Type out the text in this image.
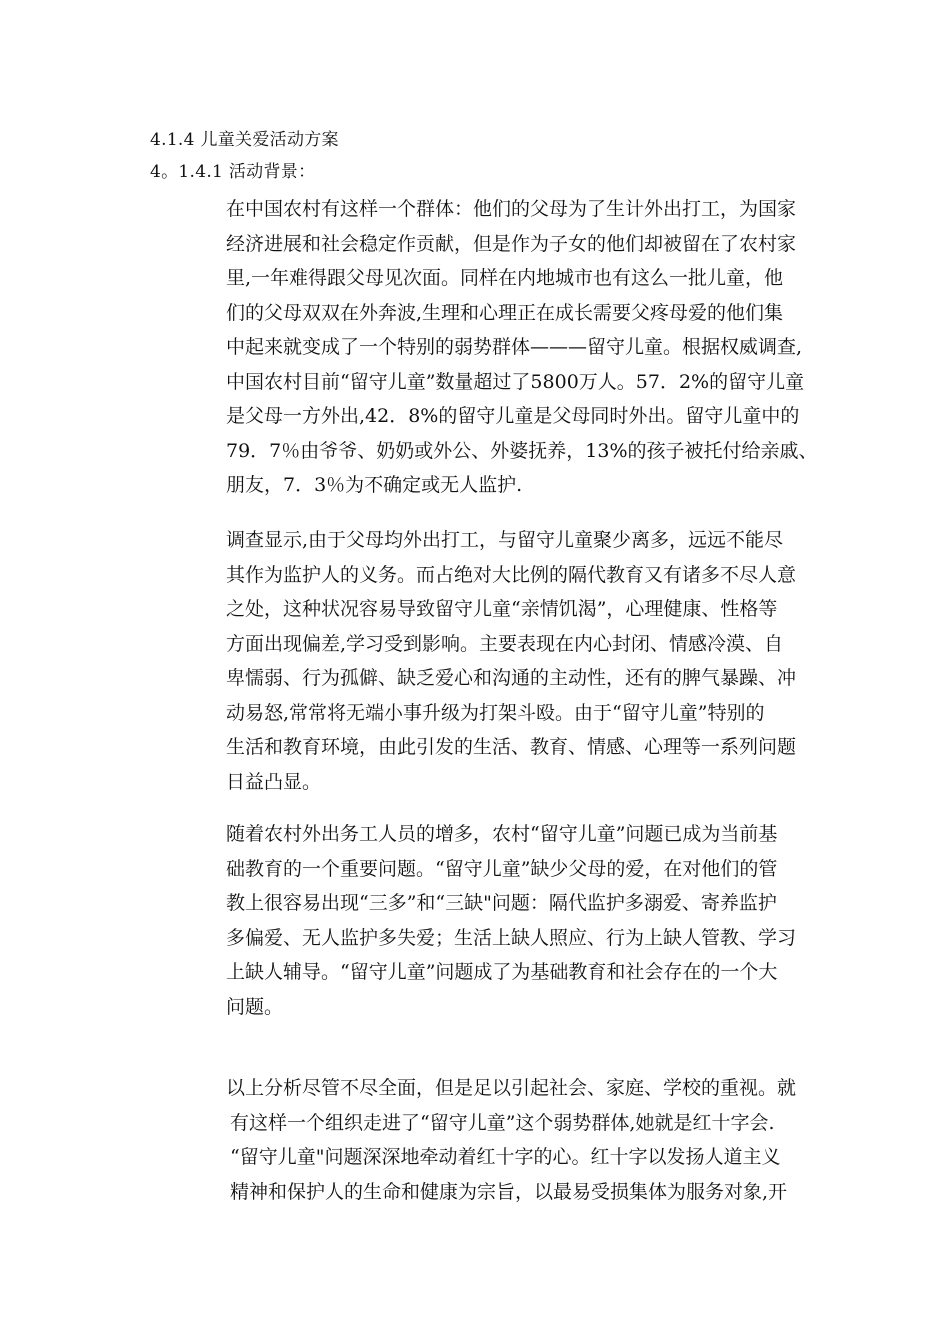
4.1.4 儿童关爱活动方案
4。1.4.1 活动背景：
在中国农村有这样一个群体：他们的父母为了生计外出打工，为国家
经济进展和社会稳定作贡献，但是作为子女的他们却被留在了农村家
里,一年难得跟父母见次面。同样在内地城市也有这么一批儿童，他
们的父母双双在外奔波,生理和心理正在成长需要父疼母爱的他们集
中起来就变成了一个特别的弱势群体———留守儿童。根据权威调查,
中国农村目前“留守儿童”数量超过了5800万人。57．2%的留守儿童
是父母一方外出,42．8%的留守儿童是父母同时外出。留守儿童中的
79．7％由爷爷、奶奶或外公、外婆抚养，13%的孩子被托付给亲戚、
朋友，7．3％为不确定或无人监护.
调查显示,由于父母均外出打工，与留守儿童聚少离多，远远不能尽
其作为监护人的义务。而占绝对大比例的隔代教育又有诸多不尽人意
之处，这种状况容易导致留守儿童“亲情饥渴”，心理健康、性格等
方面出现偏差,学习受到影响。主要表现在内心封闭、情感冷漠、自
卑懦弱、行为孤僻、缺乏爱心和沟通的主动性，还有的脾气暴躁、冲
动易怒,常常将无端小事升级为打架斗殴。由于“留守儿童”特别的
生活和教育环境，由此引发的生活、教育、情感、心理等一系列问题
日益凸显。
随着农村外出务工人员的增多，农村“留守儿童”问题已成为当前基
础教育的一个重要问题。“留守儿童”缺少父母的爱，在对他们的管
教上很容易出现“三多”和“三缺"问题：隔代监护多溺爱、寄养监护
多偏爱、无人监护多失爱；生活上缺人照应、行为上缺人管教、学习
上缺人辅导。“留守儿童”问题成了为基础教育和社会存在的一个大
问题。
以上分析尽管不尽全面，但是足以引起社会、家庭、学校的重视。就
有这样一个组织走进了“留守儿童”这个弱势群体,她就是红十字会.
“留守儿童"问题深深地牵动着红十字的心。红十字以发扬人道主义
精神和保护人的生命和健康为宗旨，以最易受损集体为服务对象,开
